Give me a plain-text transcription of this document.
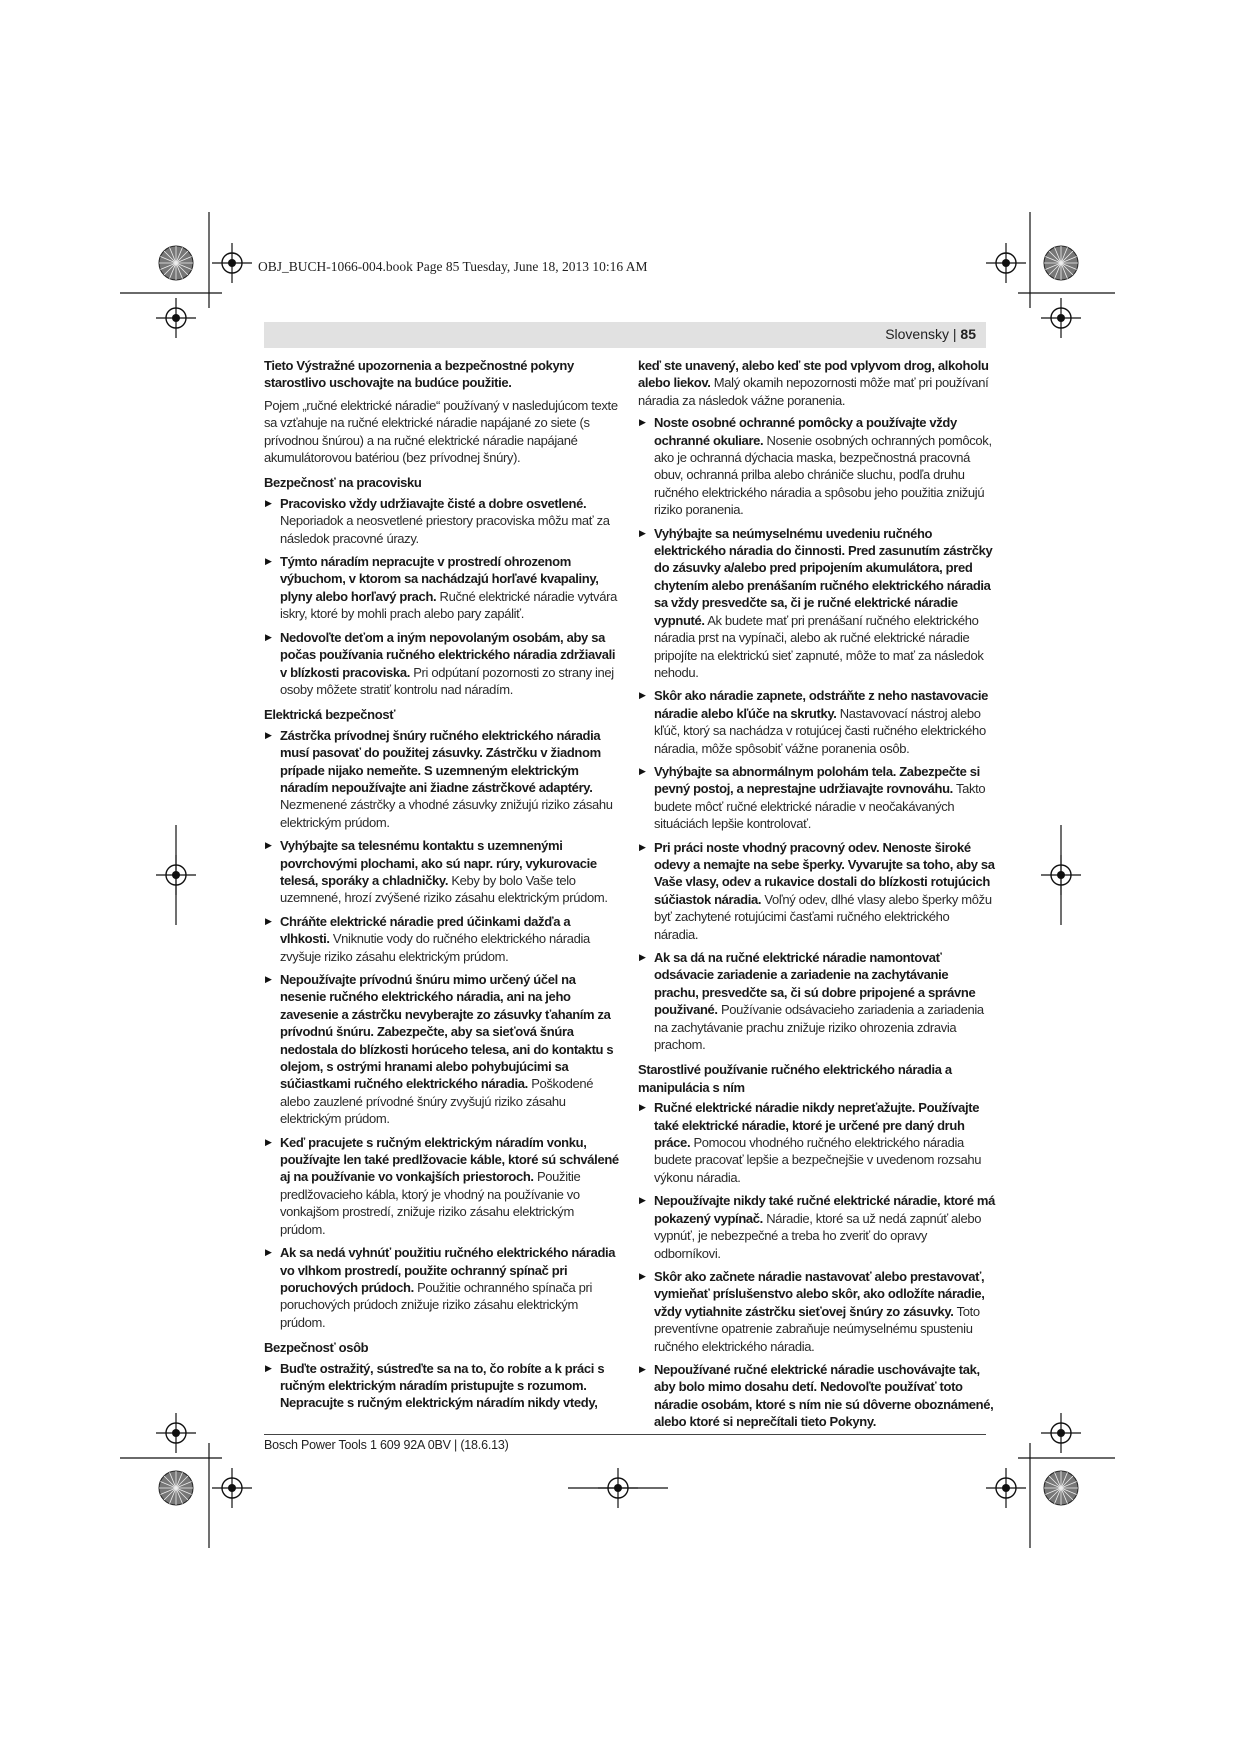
OBJ_BUCH-1066-004.book Page 85 Tuesday, June 18, 2013 10:16 AM
Slovensky | 85

Tieto Výstražné upozornenia a bezpečnostné pokyny starostlivo uschovajte na budúce použitie.

Pojem „ručné elektrické náradie“ používaný v nasledujúcom texte sa vzťahuje na ručné elektrické náradie napájané zo siete (s prívodnou šnúrou) a na ručné elektrické náradie napájané akumulátorovou batériou (bez prívodnej šnúry).

Bezpečnosť na pracovisku
▶ Pracovisko vždy udržiavajte čisté a dobre osvetlené. Neporiadok a neosvetlené priestory pracoviska môžu mať za následok pracovné úrazy.
▶ Týmto náradím nepracujte v prostredí ohrozenom výbuchom, v ktorom sa nachádzajú horľavé kvapaliny, plyny alebo horľavý prach. Ručné elektrické náradie vytvára iskry, ktoré by mohli prach alebo pary zapáliť.
▶ Nedovoľte deťom a iným nepovolaným osobám, aby sa počas používania ručného elektrického náradia zdržiavali v blízkosti pracoviska. Pri odpútaní pozornosti zo strany inej osoby môžete stratiť kontrolu nad náradím.
Elektrická bezpečnosť
▶ Zástrčka prívodnej šnúry ručného elektrického náradia musí pasovať do použitej zásuvky. Zástrčku v žiadnom prípade nijako nemeňte. S uzemneným elektrickým náradím nepoužívajte ani žiadne zástrčkové adaptéry. Nezmenené zástrčky a vhodné zásuvky znižujú riziko zásahu elektrickým prúdom.
▶ Vyhýbajte sa telesnému kontaktu s uzemnenými povrchovými plochami, ako sú napr. rúry, vykurovacie telesá, sporáky a chladničky. Keby by bolo Vaše telo uzemnené, hrozí zvýšené riziko zásahu elektrickým prúdom.
▶ Chráňte elektrické náradie pred účinkami dažďa a vlhkosti. Vniknutie vody do ručného elektrického náradia zvyšuje riziko zásahu elektrickým prúdom.
▶ Nepoužívajte prívodnú šnúru mimo určený účel na nesenie ručného elektrického náradia, ani na jeho zavesenie a zástrčku nevyberajte zo zásuvky ťahaním za prívodnú šnúru. Zabezpečte, aby sa sieťová šnúra nedostala do blízkosti horúceho telesa, ani do kontaktu s olejom, s ostrými hranami alebo pohybujúcimi sa súčiastkami ručného elektrického náradia. Poškodené alebo zauzlené prívodné šnúry zvyšujú riziko zásahu elektrickým prúdom.
▶ Keď pracujete s ručným elektrickým náradím vonku, používajte len také predlžovacie káble, ktoré sú schválené aj na používanie vo vonkajších priestoroch. Použitie predlžovacieho kábla, ktorý je vhodný na používanie vo vonkajšom prostredí, znižuje riziko zásahu elektrickým prúdom.
▶ Ak sa nedá vyhnúť použitiu ručného elektrického náradia vo vlhkom prostredí, použite ochranný spínač pri poruchových prúdoch. Použitie ochranného spínača pri poruchových prúdoch znižuje riziko zásahu elektrickým prúdom.
Bezpečnosť osôb
▶ Buďte ostražitý, sústreďte sa na to, čo robíte a k práci s ručným elektrickým náradím pristupujte s rozumom. Nepracujte s ručným elektrickým náradím nikdy vtedy,

keď ste unavený, alebo keď ste pod vplyvom drog, alkoholu alebo liekov. Malý okamih nepozornosti môže mať pri používaní náradia za následok vážne poranenia.

▶ Noste osobné ochranné pomôcky a používajte vždy ochranné okuliare. Nosenie osobných ochranných pomôcok, ako je ochranná dýchacia maska, bezpečnostná pracovná obuv, ochranná prilba alebo chrániče sluchu, podľa druhu ručného elektrického náradia a spôsobu jeho použitia znižujú riziko poranenia.
▶ Vyhýbajte sa neúmyselnému uvedeniu ručného elektrického náradia do činnosti. Pred zasunutím zástrčky do zásuvky a/alebo pred pripojením akumulátora, pred chytením alebo prenášaním ručného elektrického náradia sa vždy presvedčte sa, či je ručné elektrické náradie vypnuté. Ak budete mať pri prenášaní ručného elektrického náradia prst na vypínači, alebo ak ručné elektrické náradie pripojíte na elektrickú sieť zapnuté, môže to mať za následok nehodu.
▶ Skôr ako náradie zapnete, odstráňte z neho nastavovacie náradie alebo kľúče na skrutky. Nastavovací nástroj alebo kľúč, ktorý sa nachádza v rotujúcej časti ručného elektrického náradia, môže spôsobiť vážne poranenia osôb.
▶ Vyhýbajte sa abnormálnym polohám tela. Zabezpečte si pevný postoj, a neprestajne udržiavajte rovnováhu. Takto budete môcť ručné elektrické náradie v neočakávaných situáciách lepšie kontrolovať.
▶ Pri práci noste vhodný pracovný odev. Nenoste široké odevy a nemajte na sebe šperky. Vyvarujte sa toho, aby sa Vaše vlasy, odev a rukavice dostali do blízkosti rotujúcich súčiastok náradia. Voľný odev, dlhé vlasy alebo šperky môžu byť zachytené rotujúcimi časťami ručného elektrického náradia.
▶ Ak sa dá na ručné elektrické náradie namontovať odsávacie zariadenie a zariadenie na zachytávanie prachu, presvedčte sa, či sú dobre pripojené a správne použivané. Používanie odsávacieho zariadenia a zariadenia na zachytávanie prachu znižuje riziko ohrozenia zdravia prachom.
Starostlivé používanie ručného elektrického náradia a manipulácia s ním
▶ Ručné elektrické náradie nikdy nepreťažujte. Používajte také elektrické náradie, ktoré je určené pre daný druh práce. Pomocou vhodného ručného elektrického náradia budete pracovať lepšie a bezpečnejšie v uvedenom rozsahu výkonu náradia.
▶ Nepoužívajte nikdy také ručné elektrické náradie, ktoré má pokazený vypínač. Náradie, ktoré sa už nedá zapnúť alebo vypnúť, je nebezpečné a treba ho zveriť do opravy odborníkovi.
▶ Skôr ako začnete náradie nastavovať alebo prestavovať, vymieňať príslušenstvo alebo skôr, ako odložíte náradie, vždy vytiahnite zástrčku sieťovej šnúry zo zásuvky. Toto preventívne opatrenie zabraňuje neúmyselnému spusteniu ručného elektrického náradia.
▶ Nepoužívané ručné elektrické náradie uschovávajte tak, aby bolo mimo dosahu detí. Nedovoľte používať toto náradie osobám, ktoré s ním nie sú dôverne oboznámené, alebo ktoré si neprečítali tieto Pokyny.
Bosch Power Tools 1 609 92A 0BV | (18.6.13)
